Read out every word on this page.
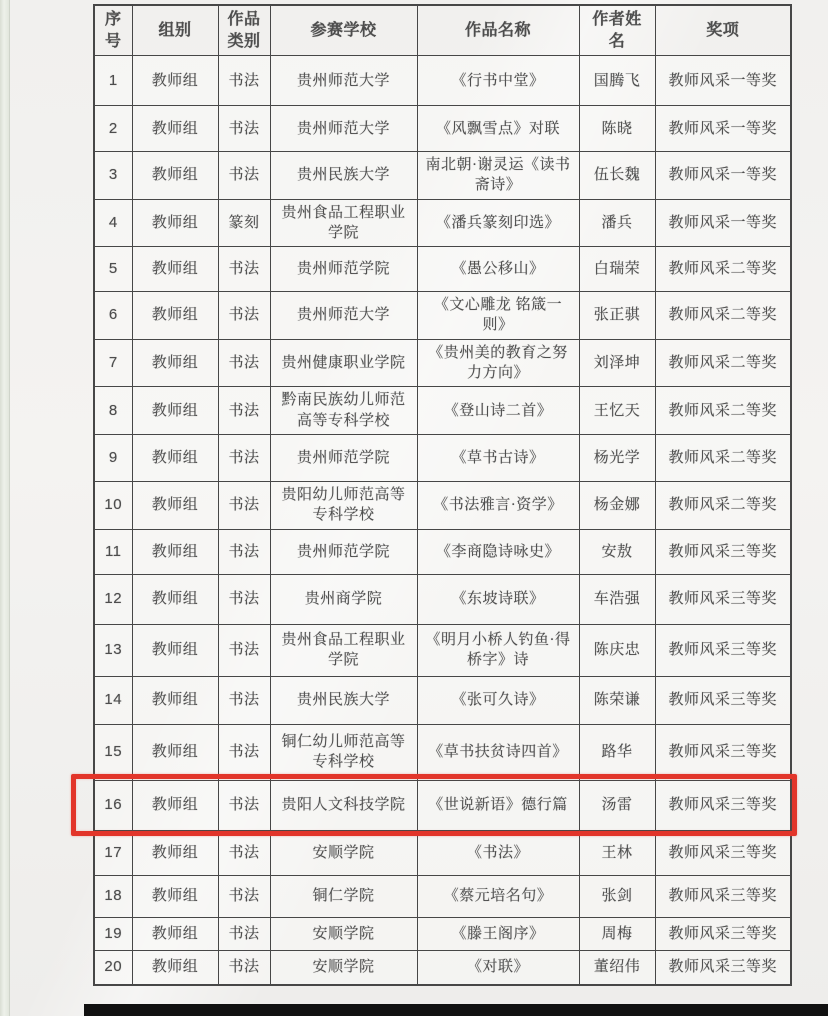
序号	组别	作品类别	参赛学校	作品名称	作者姓名	奖项
1	教师组	书法	贵州师范大学	《行书中堂》	国腾飞	教师风采一等奖
2	教师组	书法	贵州师范大学	《风飘雪点》对联	陈晓	教师风采一等奖
3	教师组	书法	贵州民族大学	南北朝·谢灵运《读书斋诗》	伍长魏	教师风采一等奖
4	教师组	篆刻	贵州食品工程职业学院	《潘兵篆刻印选》	潘兵	教师风采一等奖
5	教师组	书法	贵州师范学院	《愚公移山》	白瑞荣	教师风采二等奖
6	教师组	书法	贵州师范大学	《文心雕龙 铭箴一则》	张正骐	教师风采二等奖
7	教师组	书法	贵州健康职业学院	《贵州美的教育之努力方向》	刘泽坤	教师风采二等奖
8	教师组	书法	黔南民族幼儿师范高等专科学校	《登山诗二首》	王忆天	教师风采二等奖
9	教师组	书法	贵州师范学院	《草书古诗》	杨光学	教师风采二等奖
10	教师组	书法	贵阳幼儿师范高等专科学校	《书法雅言·资学》	杨金娜	教师风采二等奖
11	教师组	书法	贵州师范学院	《李商隐诗咏史》	安敖	教师风采三等奖
12	教师组	书法	贵州商学院	《东坡诗联》	车浩强	教师风采三等奖
13	教师组	书法	贵州食品工程职业学院	《明月小桥人钓鱼·得桥字》诗	陈庆忠	教师风采三等奖
14	教师组	书法	贵州民族大学	《张可久诗》	陈荣谦	教师风采三等奖
15	教师组	书法	铜仁幼儿师范高等专科学校	《草书扶贫诗四首》	路华	教师风采三等奖
16	教师组	书法	贵阳人文科技学院	《世说新语》德行篇	汤雷	教师风采三等奖
17	教师组	书法	安顺学院	《书法》	王林	教师风采三等奖
18	教师组	书法	铜仁学院	《蔡元培名句》	张剑	教师风采三等奖
19	教师组	书法	安顺学院	《滕王阁序》	周梅	教师风采三等奖
20	教师组	书法	安顺学院	《对联》	董绍伟	教师风采三等奖
